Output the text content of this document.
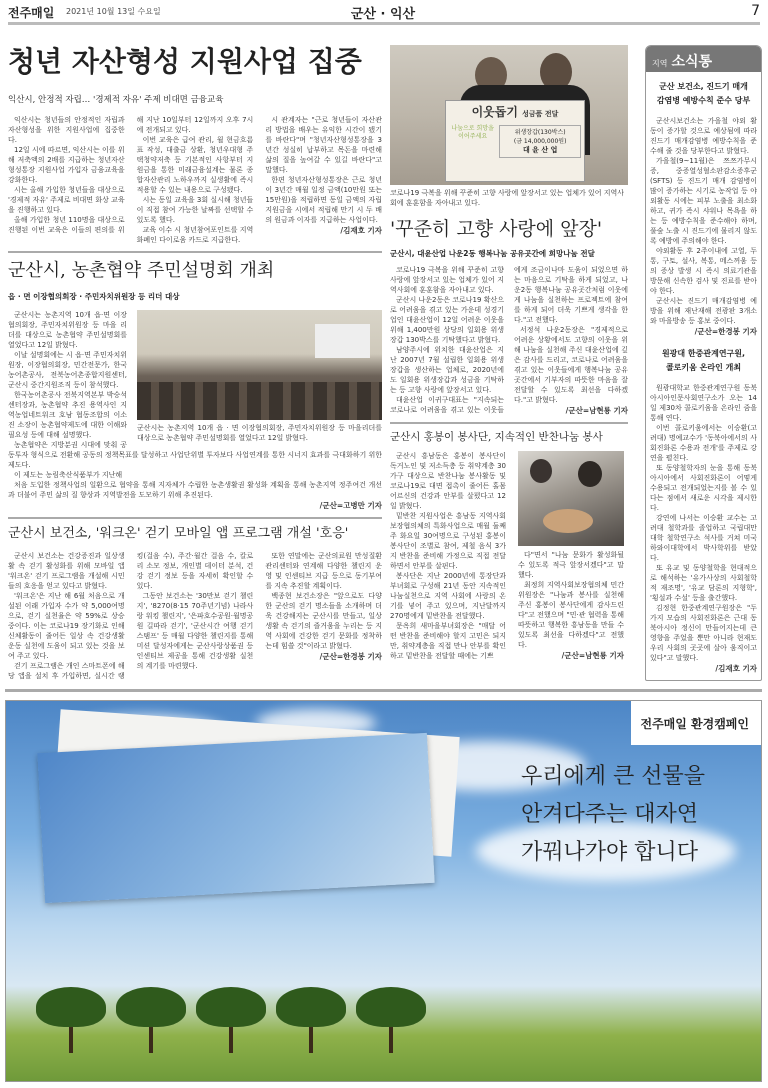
전주매일 2021년 10월 13일 수요일	군산 · 익산	7
청년 자산형성 지원사업 집중
익산시, 안정적 자립… '경제적 자유' 주제 비대면 금융교육

익산시는 청년들의 안정적인 자립과 자산형성을 위한 지원사업에 집중한다.

12일 시에 따르면, 익산시는 이를 위해 저축액의 2배를 지급하는 청년자산형성통장 지원사업 가입자 금융교육을 강화한다.

시는 올해 가입한 청년들을 대상으로 '경제적 자유' 주제로 비대면 화상 교육을 진행하고 있다.

올해 가입한 청년 110명을 대상으로 진행된 이번 교육은 이들의 편의를 위해 지난 10일부터 12일까지 오후 7시에 전개되고 있다.

이번 교육은 급여 관리, 월 현금흐름표 작성, 대출금 상환, 청년우대형 주택청약저축 등 기본적인 사항부터 지원금을 통한 미래금융설계는 물론 종합자산관리 노하우까지 실생활에 즉시 적용할 수 있는 내용으로 구성됐다.

시는 동일 교육을 3회 실시해 청년들이 직접 참여 가능한 날짜를 선택할 수 있도록 했다.

교육 이수 시 청년참여포인트를 지역화폐인 다이로움 카드로 지급한다.

시 관계자는 "근로 청년들이 자산관리 방법을 배우는 유익한 시간이 됐기를 바란다"며 "청년자산형성통장을 3년간 성실히 납부하고 목돈을 마련해 삶의 질을 높여갈 수 있길 바란다"고 말했다.

한편 청년자산형성통장은 근로 청년이 3년간 매월 일정 금액(10만원 또는 15만원)을 적립하면 동일 금액의 자립 지원금을 시에서 적립해 만기 시 두 배의 원금과 이자를 지급하는 사업이다.

/김재호 기자
군산시, 농촌협약 주민설명회 개최
읍 · 면 이장협의회장 · 주민자치위원장 등 리더 대상
군산시는 농촌지역 10개 읍 · 면 이장협의회장, 주민자치위원장 등 마을리더를 대상으로 농촌협약 주민설명회를 열었다고 12일 밝혔다.

군산시는 농촌지역 10개 읍·면 이장협의회장, 주민자치위원장 등 마을 리더를 대상으로 농촌협약 주민설명회를 열었다고 12일 밝혔다.

이날 설명회에는 시 읍·면 주민자치위원장, 이장협의회장, 민간전문가, 한국농어촌공사, 전북농어촌종합지원센터, 군산시 중간지원조직 등이 참석했다.

한국농어촌공사 전북지역본부 박승석 센터장과, 농촌협약 추진 용역사인 지역농업네트워크 호남 협동조합의 이소진 소장이 농촌협약제도에 대한 이해와 필요성 등에 대해 설명했다.

농촌협약은 지방분권 시대에 맞춰 공동투자 형식으로 전환해 공동의 정책목표를 달성하고 사업단위별 투자보다 사업연계를 통한 시너지 효과를 극대화하기 위한 제도다.

이 제도는 농림축산식품부가 지난해

처음 도입한 정책사업의 일환으로 협약을 통해 지자체가 수립한 농촌생활권 활성화 계획을 통해 농촌지역 정주여건 개선과 더불어 주민 삶의 질 향상과 지역발전을 도모하기 위해 추진된다.

/군산=고병만 기자
군산시 보건소, '워크온' 걷기 모바일 앱 프로그램 개설 '호응'

군산시 보건소는 건강증진과 일상생활 속 걷기 활성화를 위해 모바일 앱 '워크온' 걷기 프로그램을 개설해 시민들의 호응을 얻고 있다고 밝혔다.

'워크온'은 지난 해 6월 처음으로 개설된 이래 가입자 수가 약 5,000여명으로, 걷기 실천율은 약 59%로 상승중이다. 이는 코로나19 장기화로 인해 신체활동이 줄어든 일상 속 건강생활 운동 실천에 도움이 되고 있는 것을 보여 주고 있다.

걷기 프로그램은 개인 스마트폰에 해당 앱을 설치 후 가입하면, 실시간 랭킹(걸음 수), 주간·월간 걸음 수, 칼로리 소모 정보, 개인별 데이터 분석, 건강 걷기 정보 등을 자세히 확인할 수 있다.

그동안 보건소는 '30만보 걷기 챌린지', '8270(8·15 70주년기념) 나라사랑 워킹 챌린지', '은파호수공원·월명공원 길따라 걷기', '군산시간 여행 걷기 스탬프' 등 매월 다양한 챌린지를 통해 미션 달성자에게는 군산사랑상품권 등 인센티브 제공을 통해 건강생활 실천의 계기를 마련했다.

또한 연말에는 군산의료원 만성질환관리센터와 연계해 다양한 챌린지 운영 및 인센티브 지급 등으로 동기부여를 지속 추진할 계획이다.

백종현 보건소장은 "앞으로도 다양한 군산의 걷기 명소들을 소개하며 더욱 건강해지는 군산시를 만들고, 일상생활 속 걷기의 즐거움을 누리는 등 지역 사회에 건강한 걷기 문화를 정착하는데 힘쓸 것"이라고 밝혔다.

/군산=한경봉 기자
이웃돕기 성금품 전달
나눔으로 희망을 이어주세요
위생장갑(130박스)
(금 14,000,000원)
대 윤 산 업
코로나19 극복을 위해 꾸준히 고향 사랑에 앞장서고 있는 업체가 있어 지역사회에 훈훈함을 자아내고 있다.
'꾸준히 고향 사랑에 앞장'
군산시, 대윤산업 나운2동 행복나눔 공유곳간에 희망나눔 전달

코로나19 극복을 위해 꾸준히 고향 사랑에 앞장서고 있는 업체가 있어 지역사회에 훈훈함을 자아내고 있다.

군산시 나운2동은 코로나19 확산으로 어려움을 겪고 있는 가운데 성경기업인 대윤산업이 12일 어려운 이웃을 위해 1,400만원 상당의 일회용 위생장갑 130박스를 기탁했다고 밝혔다.

남양주시에 위치한 대윤산업은 지난 2007년 7월 설립한 일회용 위생장갑을 생산하는 업체로, 2020년에도 일회용 위생장갑과 성금을 기탁하는 등 고향 사랑에 앞장서고 있다.

대윤산업 이귀구대표는 "지속되는 코로나로 어려움을 겪고 있는 이웃들에게 조금이나마 도움이 되었으면 하는 마음으로 기탁을 하게 되었고, 나운2동 행복나눔 공유곳간처럼 이웃에게 나눔을 실천하는 프로젝트에 참여를 하게 되어 더욱 기쁘게 생각을 한다."고 전했다.

서정석 나운2동장은 "경제적으로 어려운 상황에서도 고향의 이웃을 위해 나눔을 실천해 주신 대윤산업에 깊은 감사를 드리고, 코로나로 어려움을 겪고 있는 이웃들에게 행복나눔 공유곳간에서 기부자의 따뜻한 마음을 잘 전달할 수 있도록 최선을 다하겠다."고 밝혔다.

/군산=남현룡 기자
군산시 홍봉이 봉사단, 지속적인 반찬나눔 봉사

군산시 흥남동은 홍봉이 봉사단이 독거노인 및 저소득층 등 취약계층 30가구 대상으로 반찬나눔 봉사활동 및 코로나19로 대면 접촉이 줄어든 홀몸 어르신의 건강과 안부를 살폈다고 12일 밝혔다.

밑반찬 지원사업은 흥남동 지역사회보장협의체의 특화사업으로 매월 둘째 주 화요일 30여명으로 구성된 홍봉이 봉사단이 조별로 참여, 제철 음식 3가지 반찬을 준비해 가정으로 직접 전달하면서 안부를 살핀다.

봉사단은 지난 2000년에 통장단과 부녀회로 구성해 21년 동안 지속적인 나눔실천으로 지역 사회에 사랑의 온기를 넣어 주고 있으며, 지난달까지 270명에게 밑반찬을 전달했다.

문옥희 새마을부녀회장은 "매달 어떤 반찬을 준비해야 할지 고민은 되지만, 취약계층을 직접 만나 안부를 확인하고 밑반찬을 전달할 때에는 기쁘

다"면서 "나눔 문화가 활성화될 수 있도록 적극 앞장서겠다"고 말했다.

최정희 지역사회보장협의체 민간위원장은 "나눔과 봉사를 실천해 주신 홍봉이 봉사단에게 감사드린다"고 전했으며 "민·관 협력을 통해 따뜻하고 행복한 흥남동을 만들 수 있도록 최선을 다하겠다"고 전했다.

/군산=남현룡 기자
지역 소식통
군산 보건소, 진드기 매개
감염병 예방수칙 준수 당부

군산시보건소는 가을철 야외 활동이 증가할 것으로 예상됨에 따라 진드기 매개감염병 예방수칙을 준수해 줄 것을 당부한다고 밝혔다.

가을철(9~11월)은 쯔쯔가무시증, 중증열성혈소판감소증후군(SFTS) 등 진드기 매개 감염병이 많이 증가하는 시기로 농작업 등 야외활동 시에는 피부 노출을 최소화하고, 귀가 즉시 샤워나 목욕을 하는 등 예방수칙을 준수해야 하며, 풀숲 노출 시 진드기에 물리지 않도록 예방에 주의해야 한다.

야외활동 후 2주이내에 고열, 두통, 구토, 설사, 복통, 메스꺼움 등의 증상 발생 시 즉시 의료기관을 방문해 신속한 검사 및 진료를 받아야 한다.

군산시는 진드기 매개감염병 예방을 위해 재난재해 전광판 3개소와 마을방송 등 홍보 중이다.

/군산=한경봉 기자
원광대 한중관계연구원,
콜로키움 온라인 개최

원광대학교 한중관계연구원 동북아시아인문사회연구소가 오는 14일 제30차 콜로키움을 온라인 줌을 통해 연다.

이번 콜로키움에서는 이승환(고려대) 명예교수가 '동북아에서의 사회진화론 수용과 전개'를 주제로 강연을 펼친다.

또 동양철학자의 눈을 통해 동북아시아에서 사회진화론이 어떻게 수용되고 전개되었는지를 볼 수 있다는 점에서 새로운 시각을 제시한다.

강연에 나서는 이승환 교수는 고려대 철학과를 졸업하고 국립대만대학 철학연구소 석사를 거쳐 미국 하와이대학에서 박사학위를 받았다.

또 유교 및 동양철학을 현대적으로 해석하는 '유가사상의 사회철학적 재조명', '유교 담론의 지형학', '횡설과 수설' 등을 출간했다.

김정현 한중관계연구원장은 "두 가지 모습의 사회진화론은 근대 동북아시아 정신이 만들어지는데 큰 영향을 주었을 뿐만 아니라 현재도 우리 사회의 곳곳에 살아 움직이고 있다"고 말했다.

/김재호 기자
전주매일 환경캠페인
우리에게 큰 선물을
안겨다주는 대자연
가꿔나가야 합니다
